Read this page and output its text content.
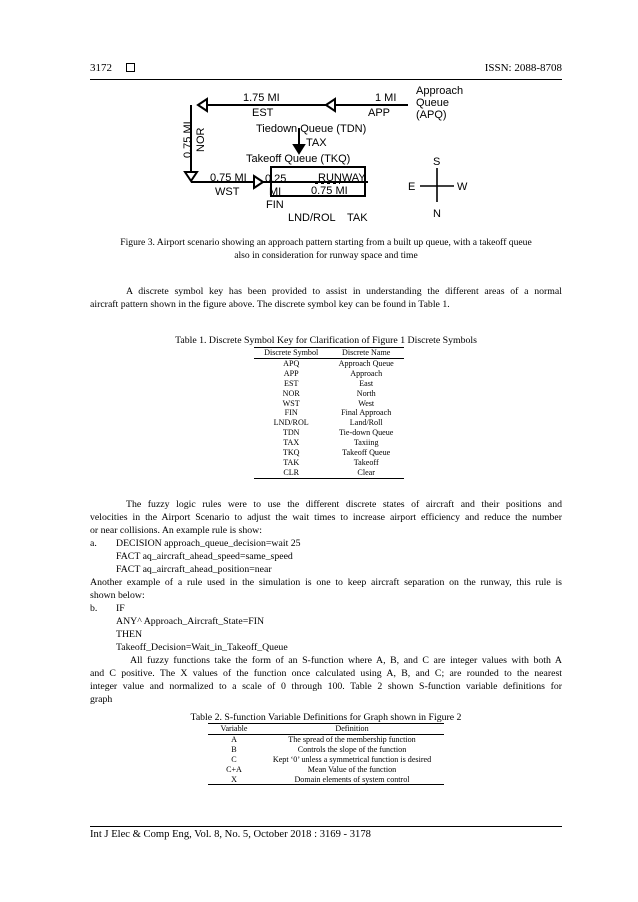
3172	ISSN: 2088-8708
Approach
Queue
(APQ)
1.75 MI
EST
1 MI
APP
0.75 MI NOR	Tiedown Queue (TDN)
TAX
Takeoff Queue (TKQ)
0.75 MI
WST
0.25
MI
FIN
RUNWAY
0.75 MI
LND/ROL TAK
S
E	W
N
Figure 3. Airport scenario showing an approach pattern starting from a built up queue, with a takeoff queue
also in consideration for runway space and time
A discrete symbol key has been provided to assist in understanding the different areas of a normal
aircraft pattern shown in the figure above. The discrete symbol key can be found in Table 1.
Table 1. Discrete Symbol Key for Clarification of Figure 1 Discrete Symbols
Discrete Symbol	Discrete Name
APQ	Approach Queue
APP	Approach
EST	East
NOR	North
WST	West
FIN	Final Approach
LND/ROL	Land/Roll
TDN	Tie-down Queue
TAX	Taxiing
TKQ	Takeoff Queue
TAK	Takeoff
CLR	Clear
The fuzzy logic rules were to use the different discrete states of aircraft and their positions and
velocities in the Airport Scenario to adjust the wait times to increase airport efficiency and reduce the number
or near collisions. An example rule is show:
a. DECISION approach_queue_decision=wait 25
FACT aq_aircraft_ahead_speed=same_speed
FACT aq_aircraft_ahead_position=near
Another example of a rule used in the simulation is one to keep aircraft separation on the runway, this rule is
shown below:
b. IF
ANY^ Approach_Aircraft_State=FIN
THEN
Takeoff_Decision=Wait_in_Takeoff_Queue
All fuzzy functions take the form of an S-function where A, B, and C are integer values with both A
and C positive. The X values of the function once calculated using A, B, and C; are rounded to the nearest
integer value and normalized to a scale of 0 through 100. Table 2 shown S-function variable definitions for
graph
Table 2. S-function Variable Definitions for Graph shown in Figure 2
Variable	Definition
A	The spread of the membership function
B	Controls the slope of the function
C	Kept ‘0’ unless a symmetrical function is desired
C+A	Mean Value of the function
X	Domain elements of system control
Int J Elec & Comp Eng, Vol. 8, No. 5, October 2018 : 3169 - 3178
